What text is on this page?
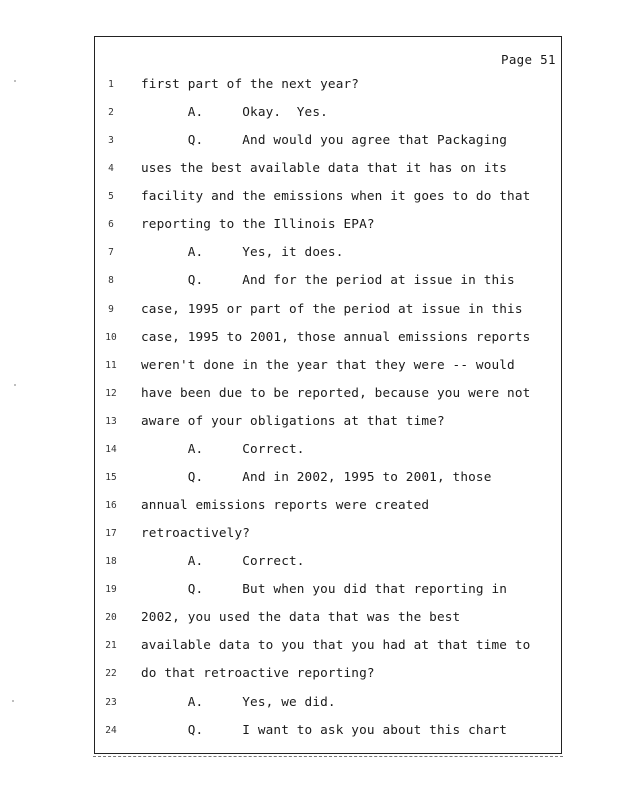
Page 51
1	first part of the next year?
2	A.     Okay.  Yes.
3	Q.     And would you agree that Packaging
4	uses the best available data that it has on its
5	facility and the emissions when it goes to do that
6	reporting to the Illinois EPA?
7	A.     Yes, it does.
8	Q.     And for the period at issue in this
9	case, 1995 or part of the period at issue in this
10	case, 1995 to 2001, those annual emissions reports
11	weren't done in the year that they were -- would
12	have been due to be reported, because you were not
13	aware of your obligations at that time?
14	A.     Correct.
15	Q.     And in 2002, 1995 to 2001, those
16	annual emissions reports were created
17	retroactively?
18	A.     Correct.
19	Q.     But when you did that reporting in
20	2002, you used the data that was the best
21	available data to you that you had at that time to
22	do that retroactive reporting?
23	A.     Yes, we did.
24	Q.     I want to ask you about this chart
